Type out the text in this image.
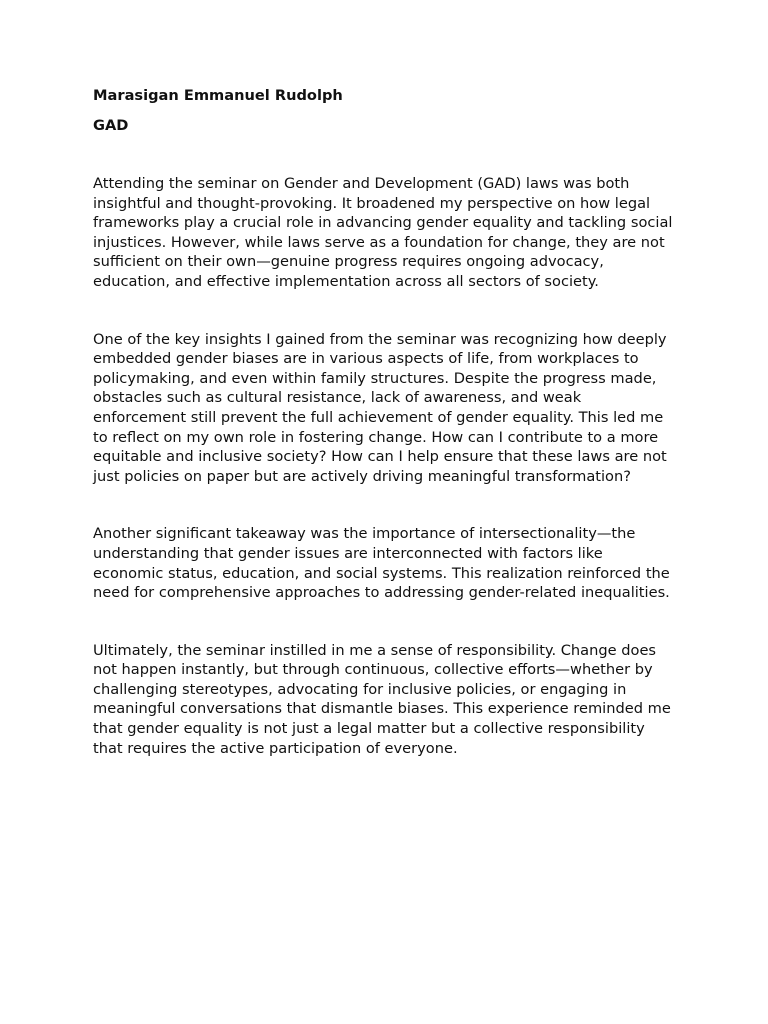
Marasigan Emmanuel Rudolph

GAD

Attending the seminar on Gender and Development (GAD) laws was both insightful and thought-provoking. It broadened my perspective on how legal frameworks play a crucial role in advancing gender equality and tackling social injustices. However, while laws serve as a foundation for change, they are not sufficient on their own—genuine progress requires ongoing advocacy, education, and effective implementation across all sectors of society.

One of the key insights I gained from the seminar was recognizing how deeply embedded gender biases are in various aspects of life, from workplaces to policymaking, and even within family structures. Despite the progress made, obstacles such as cultural resistance, lack of awareness, and weak enforcement still prevent the full achievement of gender equality. This led me to reflect on my own role in fostering change. How can I contribute to a more equitable and inclusive society? How can I help ensure that these laws are not just policies on paper but are actively driving meaningful transformation?

Another significant takeaway was the importance of intersectionality—the understanding that gender issues are interconnected with factors like economic status, education, and social systems. This realization reinforced the need for comprehensive approaches to addressing gender-related inequalities.

Ultimately, the seminar instilled in me a sense of responsibility. Change does not happen instantly, but through continuous, collective efforts—whether by challenging stereotypes, advocating for inclusive policies, or engaging in meaningful conversations that dismantle biases. This experience reminded me that gender equality is not just a legal matter but a collective responsibility that requires the active participation of everyone.
